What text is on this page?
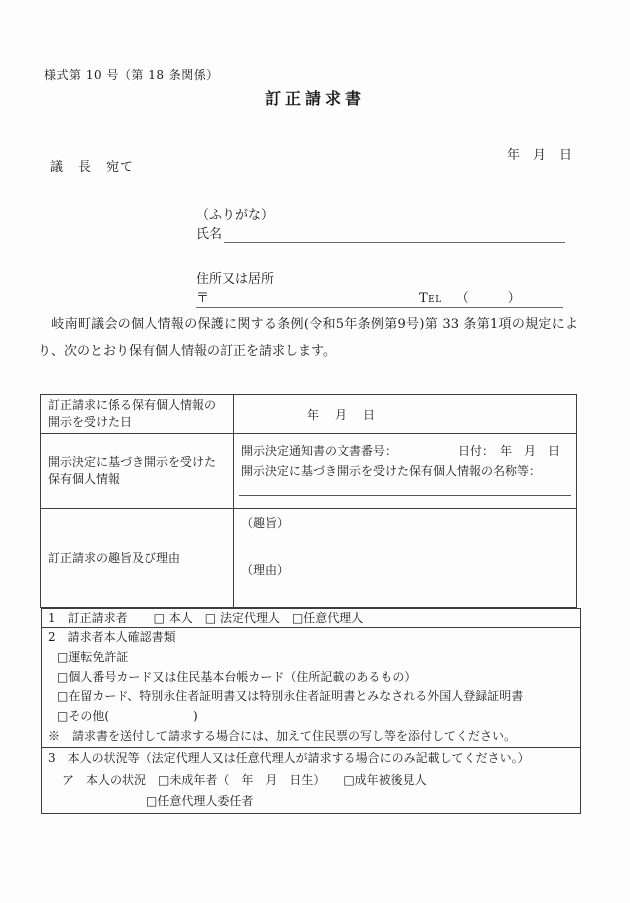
様式第 10 号（第 18 条関係）
訂正請求書
年　月　日
議　長　宛て
（ふりがな）
氏名
住所又は居所
〒	Tel （　　　）
　岐南町議会の個人情報の保護に関する条例(令和5年条例第9号)第 33 条第1項の規定により、次のとおり保有個人情報の訂正を請求します。
訂正請求に係る保有個人情報の開示を受けた日	年　月　日
開示決定に基づき開示を受けた保有個人情報	開示決定通知書の文書番号： 日付：　年　月　日
開示決定に基づき開示を受けた保有個人情報の名称等：

訂正請求の趣旨及び理由	（趣旨）
（理由）
1　訂正請求者 □ 本人　□ 法定代理人　□任意代理人

2　請求者本人確認書類
□運転免許証
□個人番号カード又は住民基本台帳カード（住所記載のあるもの）
□在留カード、特別永住者証明書又は特別永住者証明書とみなされる外国人登録証明書
□その他(　　　　　　　)
※　請求書を送付して請求する場合には、加えて住民票の写し等を添付してください。

3　本人の状況等（法定代理人又は任意代理人が請求する場合にのみ記載してください。）
ア　本人の状況　□未成年者（　年　月　日生）　　□成年被後見人
□任意代理人委任者
